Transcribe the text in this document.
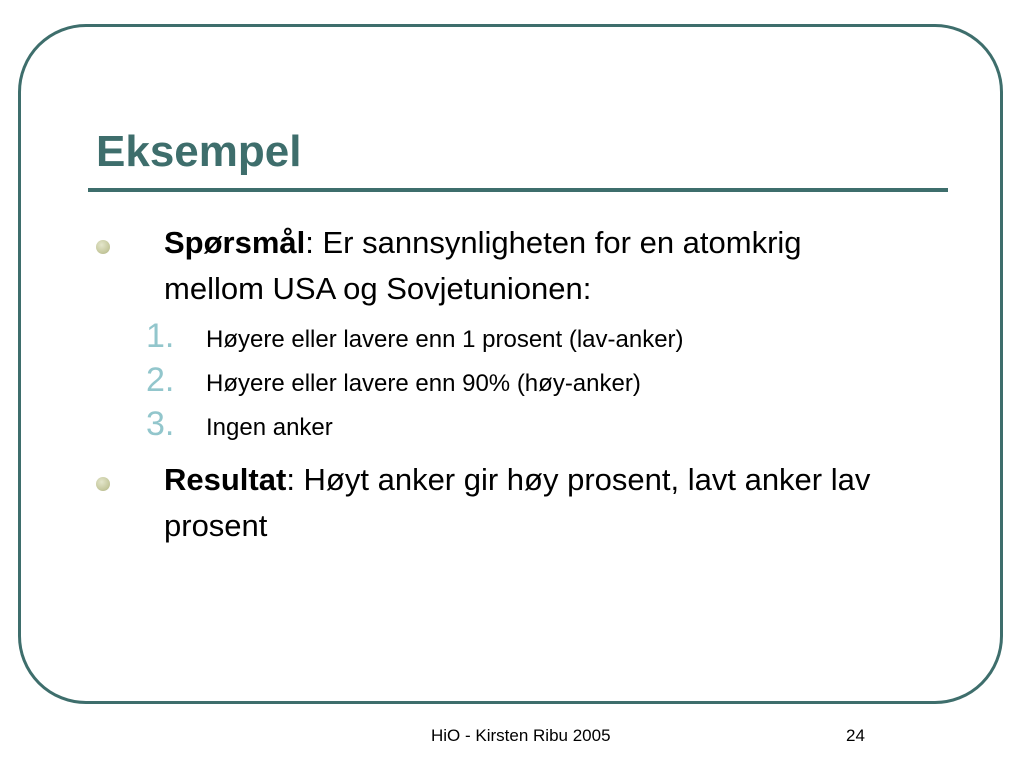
Eksempel
Spørsmål: Er sannsynligheten for en atomkrig mellom USA og Sovjetunionen:
1. Høyere eller lavere enn 1 prosent (lav-anker)
2. Høyere eller lavere enn 90% (høy-anker)
3. Ingen anker
Resultat: Høyt anker gir høy prosent, lavt anker lav prosent
HiO - Kirsten Ribu 2005	24
